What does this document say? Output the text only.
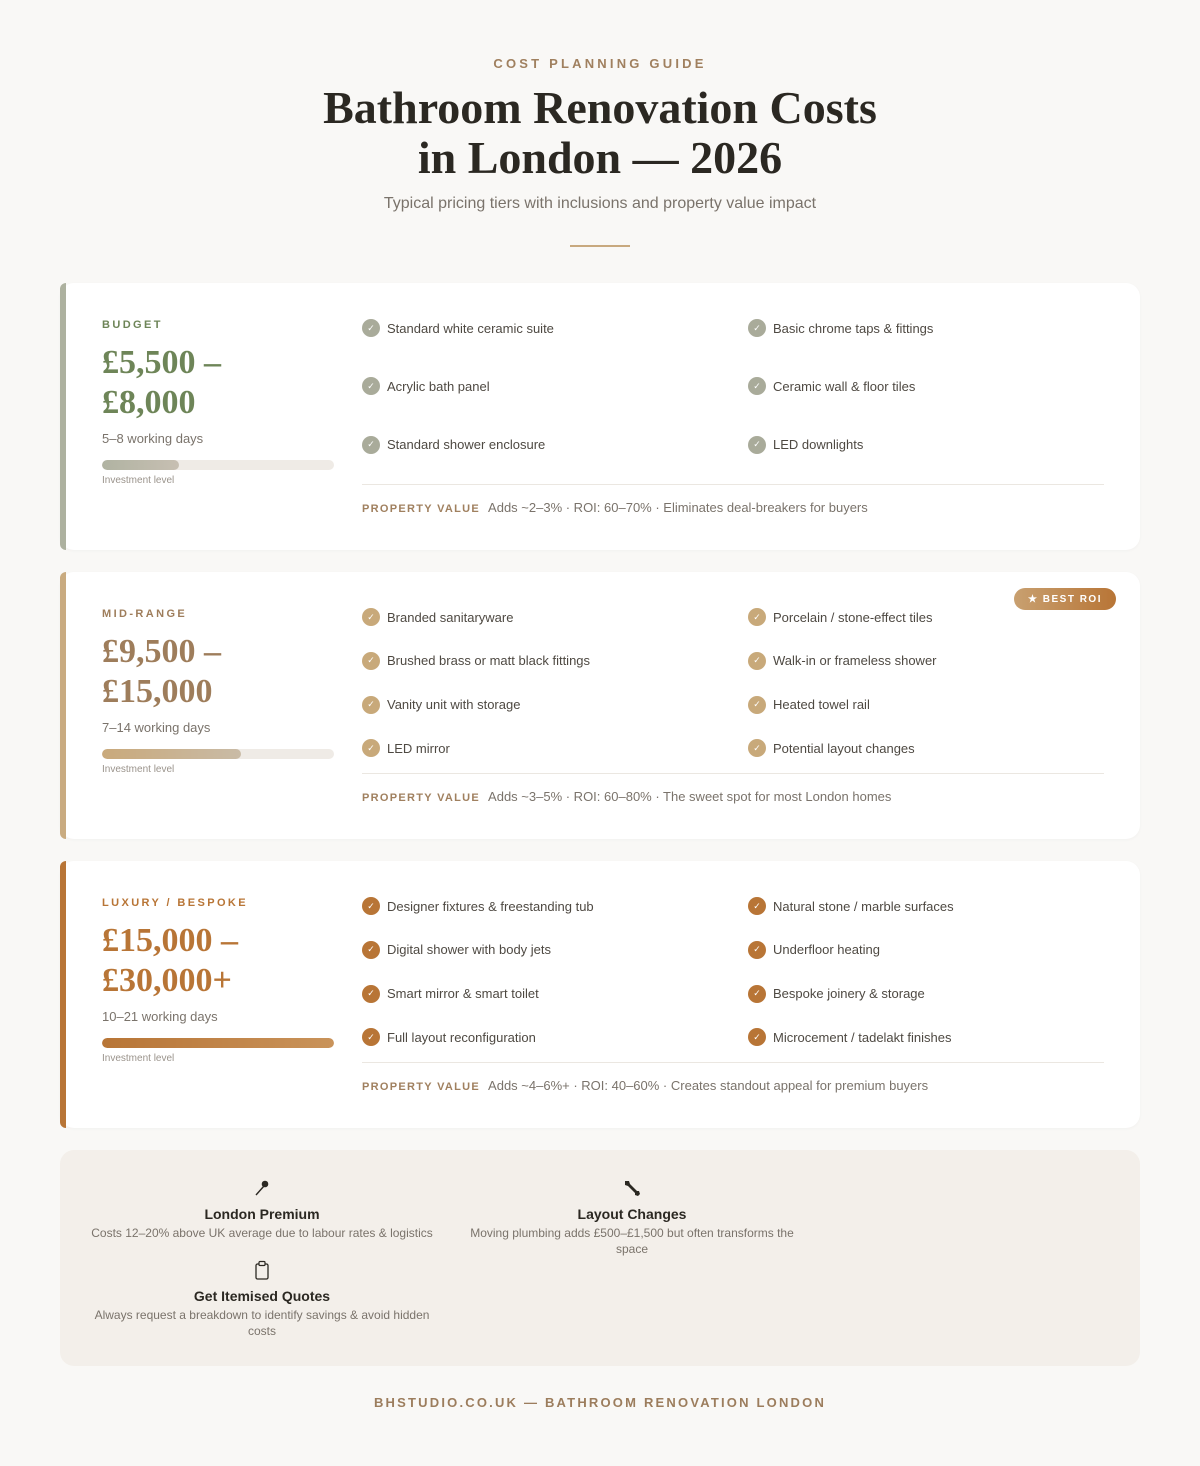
COST PLANNING GUIDE
Bathroom Renovation Costs
in London — 2026
Typical pricing tiers with inclusions and property value impact
BUDGET
£5,500 –
£8,000
5–8 working days
Investment level
✓ Standard white ceramic suite	✓ Basic chrome taps & fittings
✓ Acrylic bath panel	✓ Ceramic wall & floor tiles
✓ Standard shower enclosure	✓ LED downlights
PROPERTY VALUE Adds ~2–3% · ROI: 60–70% · Eliminates deal-breakers for buyers
MID-RANGE
£9,500 –
£15,000
7–14 working days
Investment level
★ BEST ROI
✓ Branded sanitaryware	✓ Porcelain / stone-effect tiles
✓ Brushed brass or matt black fittings	✓ Walk-in or frameless shower
✓ Vanity unit with storage	✓ Heated towel rail
✓ LED mirror	✓ Potential layout changes
PROPERTY VALUE Adds ~3–5% · ROI: 60–80% · The sweet spot for most London homes
LUXURY / BESPOKE
£15,000 –
£30,000+
10–21 working days
Investment level
✓ Designer fixtures & freestanding tub	✓ Natural stone / marble surfaces
✓ Digital shower with body jets	✓ Underfloor heating
✓ Smart mirror & smart toilet	✓ Bespoke joinery & storage
✓ Full layout reconfiguration	✓ Microcement / tadelakt finishes
PROPERTY VALUE Adds ~4–6%+ · ROI: 40–60% · Creates standout appeal for premium buyers
London Premium
Costs 12–20% above UK average due to labour rates & logistics
Layout Changes
Moving plumbing adds £500–£1,500 but often transforms the space
Get Itemised Quotes
Always request a breakdown to identify savings & avoid hidden costs
BHSTUDIO.CO.UK — BATHROOM RENOVATION LONDON
